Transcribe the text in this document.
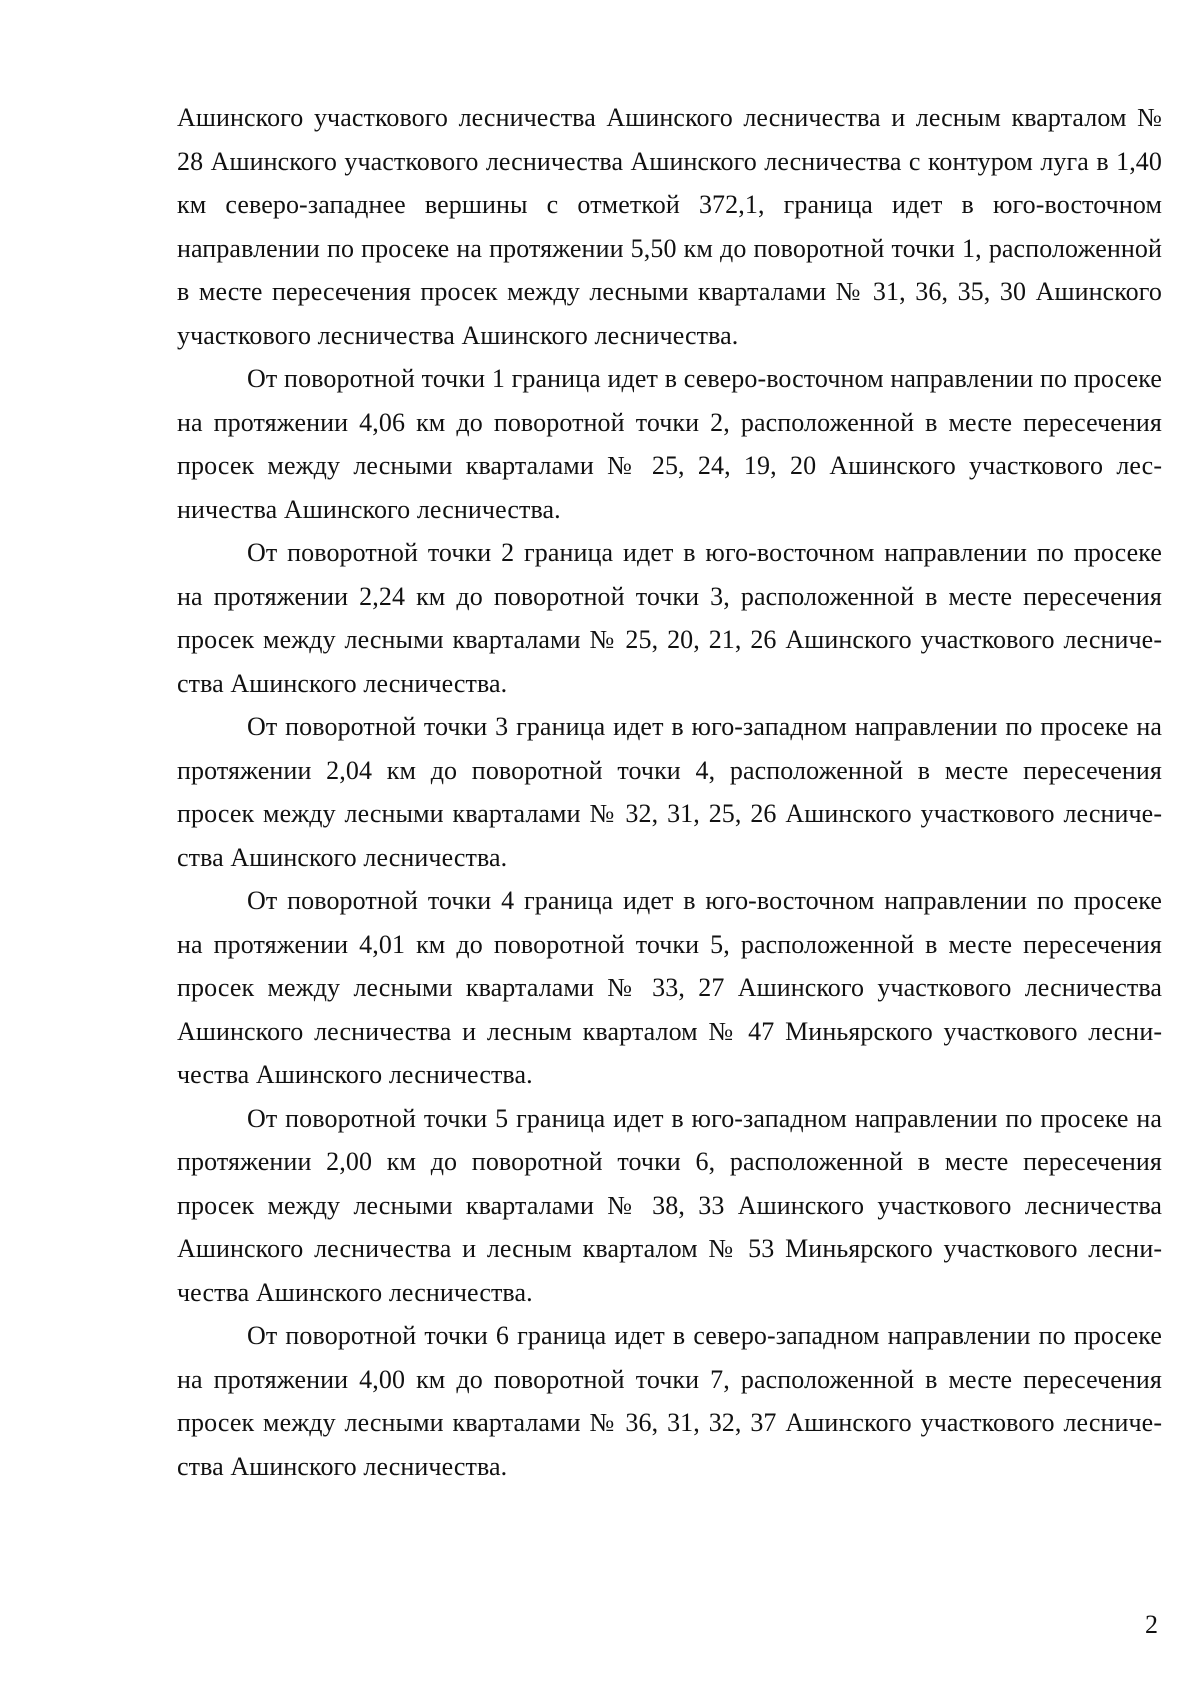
Ашинского участкового лесничества Ашинского лесничества и лесным кварталом № 28 Ашинского участкового лесничества Ашинского лесничества с контуром луга в 1,40 км северо-западнее вершины с отметкой 372,1, граница идет в юго-восточном направлении по просеке на протяжении 5,50 км до поворотной точки 1, расположенной в месте пересечения просек между лесными кварталами № 31, 36, 35, 30 Ашинского участкового лесничества Ашинского лесничества.

От поворотной точки 1 граница идет в северо-восточном направлении по просеке на протяжении 4,06 км до поворотной точки 2, расположенной в месте пересечения просек между лесными кварталами № 25, 24, 19, 20 Ашинского участкового лесничества Ашинского лесничества.

От поворотной точки 2 граница идет в юго-восточном направлении по просеке на протяжении 2,24 км до поворотной точки 3, расположенной в месте пересечения просек между лесными кварталами № 25, 20, 21, 26 Ашинского участкового лесничества Ашинского лесничества.

От поворотной точки 3 граница идет в юго-западном направлении по просеке на протяжении 2,04 км до поворотной точки 4, расположенной в месте пересечения просек между лесными кварталами № 32, 31, 25, 26 Ашинского участкового лесничества Ашинского лесничества.

От поворотной точки 4 граница идет в юго-восточном направлении по просеке на протяжении 4,01 км до поворотной точки 5, расположенной в месте пересечения просек между лесными кварталами № 33, 27 Ашинского участкового лесничества Ашинского лесничества и лесным кварталом № 47 Миньярского участкового лесничества Ашинского лесничества.

От поворотной точки 5 граница идет в юго-западном направлении по просеке на протяжении 2,00 км до поворотной точки 6, расположенной в месте пересечения просек между лесными кварталами № 38, 33 Ашинского участкового лесничества Ашинского лесничества и лесным кварталом № 53 Миньярского участкового лесничества Ашинского лесничества.

От поворотной точки 6 граница идет в северо-западном направлении по просеке на протяжении 4,00 км до поворотной точки 7, расположенной в месте пересечения просек между лесными кварталами № 36, 31, 32, 37 Ашинского участкового лесничества Ашинского лесничества.

2
